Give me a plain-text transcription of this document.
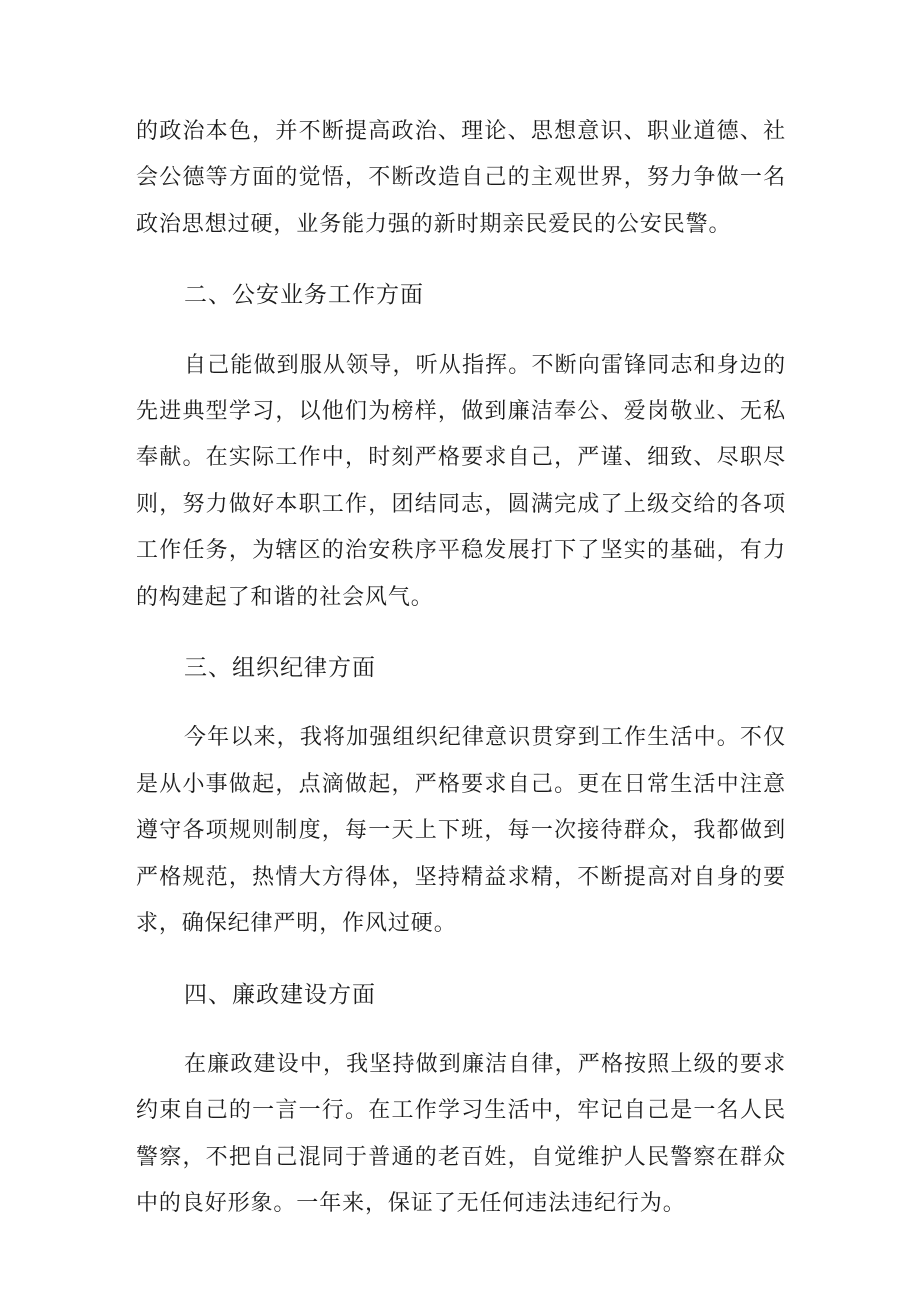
的政治本色，并不断提高政治、理论、思想意识、职业道德、社会公德等方面的觉悟，不断改造自己的主观世界，努力争做一名政治思想过硬，业务能力强的新时期亲民爱民的公安民警。

二、公安业务工作方面

自己能做到服从领导，听从指挥。不断向雷锋同志和身边的先进典型学习，以他们为榜样，做到廉洁奉公、爱岗敬业、无私奉献。在实际工作中，时刻严格要求自己，严谨、细致、尽职尽则，努力做好本职工作，团结同志，圆满完成了上级交给的各项工作任务，为辖区的治安秩序平稳发展打下了坚实的基础，有力的构建起了和谐的社会风气。

三、组织纪律方面

今年以来，我将加强组织纪律意识贯穿到工作生活中。不仅是从小事做起，点滴做起，严格要求自己。更在日常生活中注意遵守各项规则制度，每一天上下班，每一次接待群众，我都做到严格规范，热情大方得体，坚持精益求精，不断提高对自身的要求，确保纪律严明，作风过硬。

四、廉政建设方面

在廉政建设中，我坚持做到廉洁自律，严格按照上级的要求约束自己的一言一行。在工作学习生活中，牢记自己是一名人民警察，不把自己混同于普通的老百姓，自觉维护人民警察在群众中的良好形象。一年来，保证了无任何违法违纪行为。
